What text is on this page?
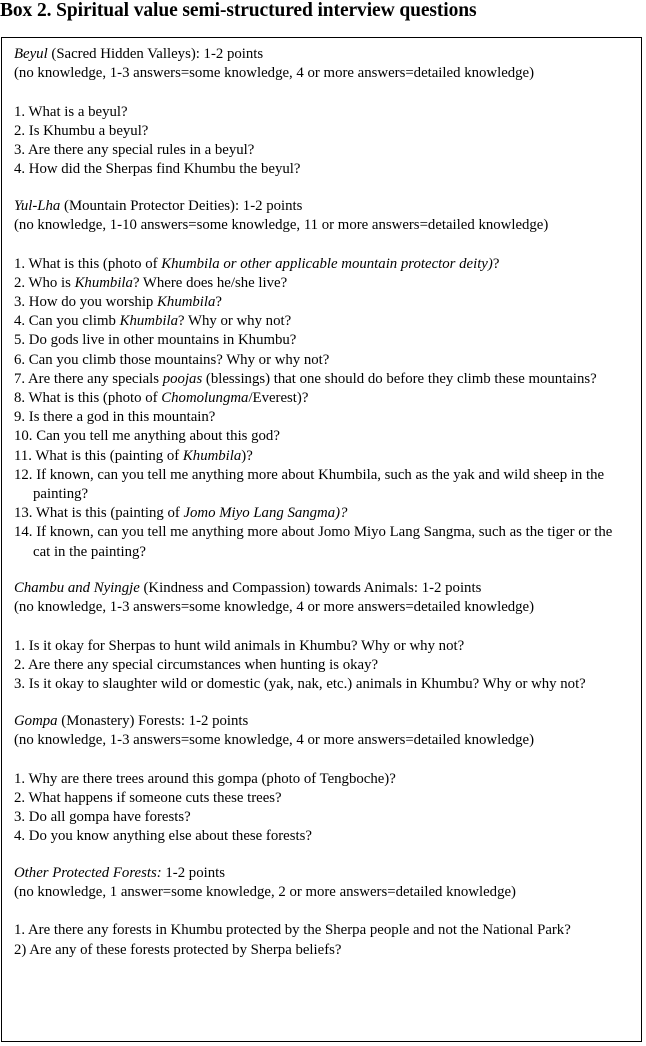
Box 2. Spiritual value semi-structured interview questions
Beyul (Sacred Hidden Valleys): 1-2 points
(no knowledge, 1-3 answers=some knowledge, 4 or more answers=detailed knowledge)
1. What is a beyul?
2. Is Khumbu a beyul?
3. Are there any special rules in a beyul?
4. How did the Sherpas find Khumbu the beyul?
Yul-Lha (Mountain Protector Deities): 1-2 points
(no knowledge, 1-10 answers=some knowledge, 11 or more answers=detailed knowledge)
1. What is this (photo of Khumbila or other applicable mountain protector deity)?
2. Who is Khumbila? Where does he/she live?
3. How do you worship Khumbila?
4. Can you climb Khumbila? Why or why not?
5. Do gods live in other mountains in Khumbu?
6. Can you climb those mountains? Why or why not?
7. Are there any specials poojas (blessings) that one should do before they climb these mountains?
8. What is this (photo of Chomolungma/Everest)?
9. Is there a god in this mountain?
10. Can you tell me anything about this god?
11. What is this (painting of Khumbila)?
12. If known, can you tell me anything more about Khumbila, such as the yak and wild sheep in the painting?
13. What is this (painting of Jomo Miyo Lang Sangma)?
14. If known, can you tell me anything more about Jomo Miyo Lang Sangma, such as the tiger or the cat in the painting?
Chambu and Nyingje (Kindness and Compassion) towards Animals: 1-2 points
(no knowledge, 1-3 answers=some knowledge, 4 or more answers=detailed knowledge)
1. Is it okay for Sherpas to hunt wild animals in Khumbu? Why or why not?
2. Are there any special circumstances when hunting is okay?
3. Is it okay to slaughter wild or domestic (yak, nak, etc.) animals in Khumbu? Why or why not?
Gompa (Monastery) Forests: 1-2 points
(no knowledge, 1-3 answers=some knowledge, 4 or more answers=detailed knowledge)
1. Why are there trees around this gompa (photo of Tengboche)?
2. What happens if someone cuts these trees?
3. Do all gompa have forests?
4. Do you know anything else about these forests?
Other Protected Forests: 1-2 points
(no knowledge, 1 answer=some knowledge, 2 or more answers=detailed knowledge)
1. Are there any forests in Khumbu protected by the Sherpa people and not the National Park?
2) Are any of these forests protected by Sherpa beliefs?
